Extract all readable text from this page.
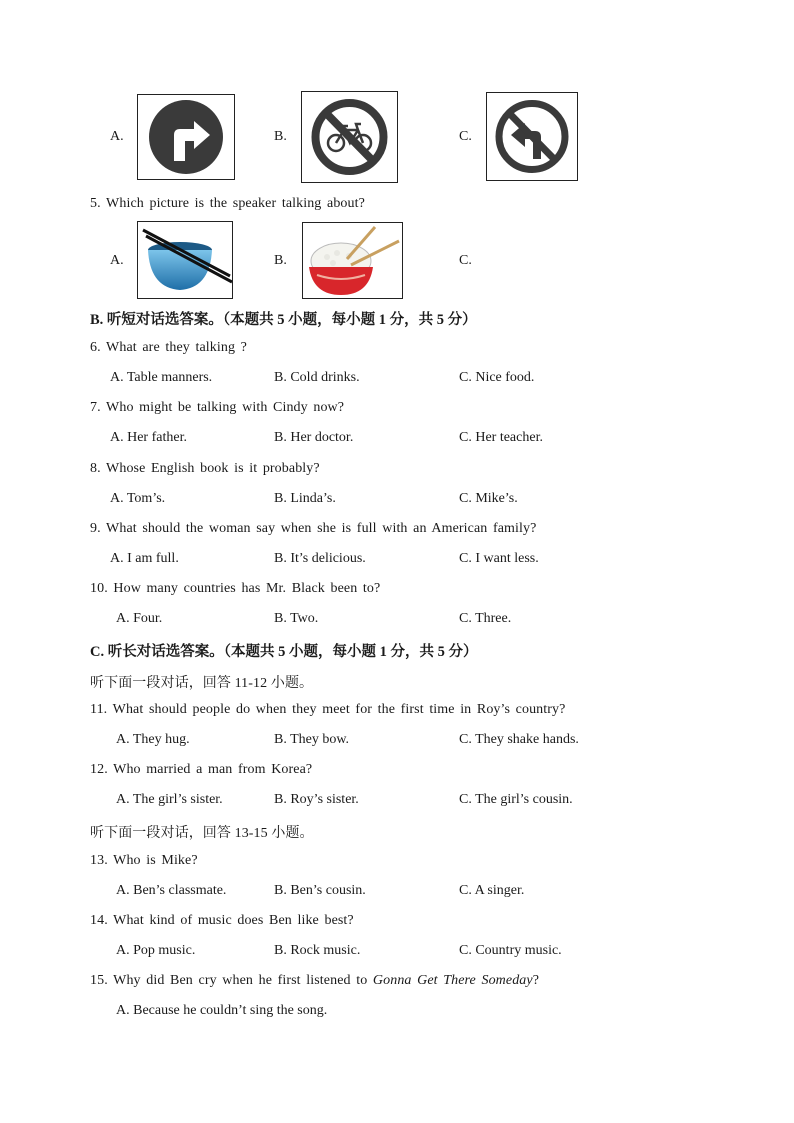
A.	B.	C.
5. Which picture is the speaker talking about?
A.	B.	C.
B. 听短对话选答案。（本题共 5 小题，每小题 1 分，共 5 分）
6. What are they talking ?
A. Table manners.	B. Cold drinks.	C. Nice food.
7. Who might be talking with Cindy now?
A. Her father.	B. Her doctor.	C. Her teacher.
8. Whose English book is it probably?
A. Tom’s.	B. Linda’s.	C. Mike’s.
9. What should the woman say when she is full with an American family?
A. I am full.	B. It’s delicious.	C. I want less.
10. How many countries has Mr. Black been to?
A. Four.	B. Two.	C. Three.
C. 听长对话选答案。（本题共 5 小题，每小题 1 分，共 5 分）
听下面一段对话，回答 11-12 小题。
11. What should people do when they meet for the first time in Roy’s country?
A. They hug.	B. They bow.	C. They shake hands.
12. Who married a man from Korea?
A. The girl’s sister.	B. Roy’s sister.	C. The girl’s cousin.
听下面一段对话，回答 13-15 小题。
13. Who is Mike?
A. Ben’s classmate.	B. Ben’s cousin.	C. A singer.
14. What kind of music does Ben like best?
A. Pop music.	B. Rock music.	C. Country music.
15. Why did Ben cry when he first listened to Gonna Get There Someday?
A. Because he couldn’t sing the song.
